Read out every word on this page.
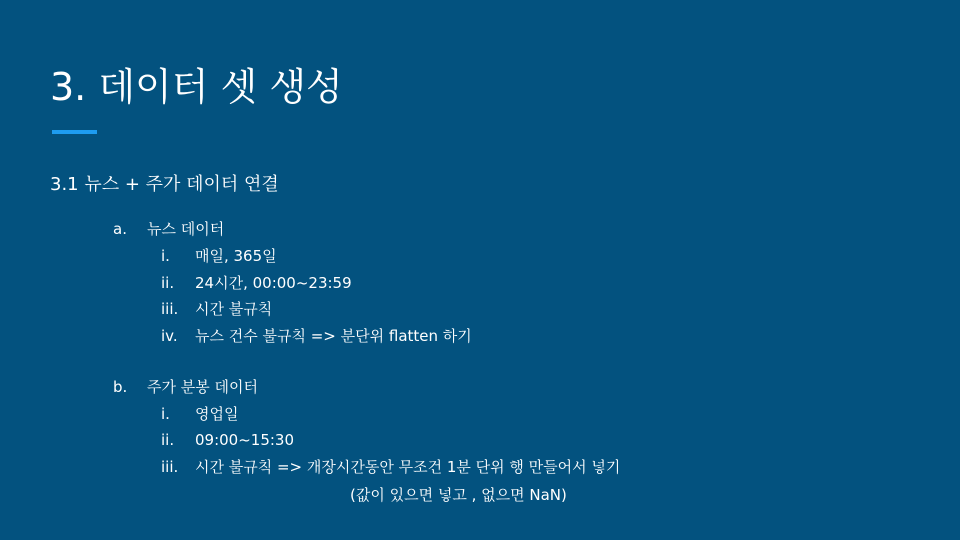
3. 데이터 셋 생성
3.1 뉴스 + 주가 데이터 연결
a. 뉴스 데이터
i. 매일, 365일
ii. 24시간, 00:00~23:59
iii. 시간 불규칙
iv. 뉴스 건수 불규칙 => 분단위 flatten 하기
b. 주가 분봉 데이터
i. 영업일
ii. 09:00~15:30
iii. 시간 불규칙 => 개장시간동안 무조건 1분 단위 행 만들어서 넣기
(값이 있으면 넣고 , 없으면 NaN)
